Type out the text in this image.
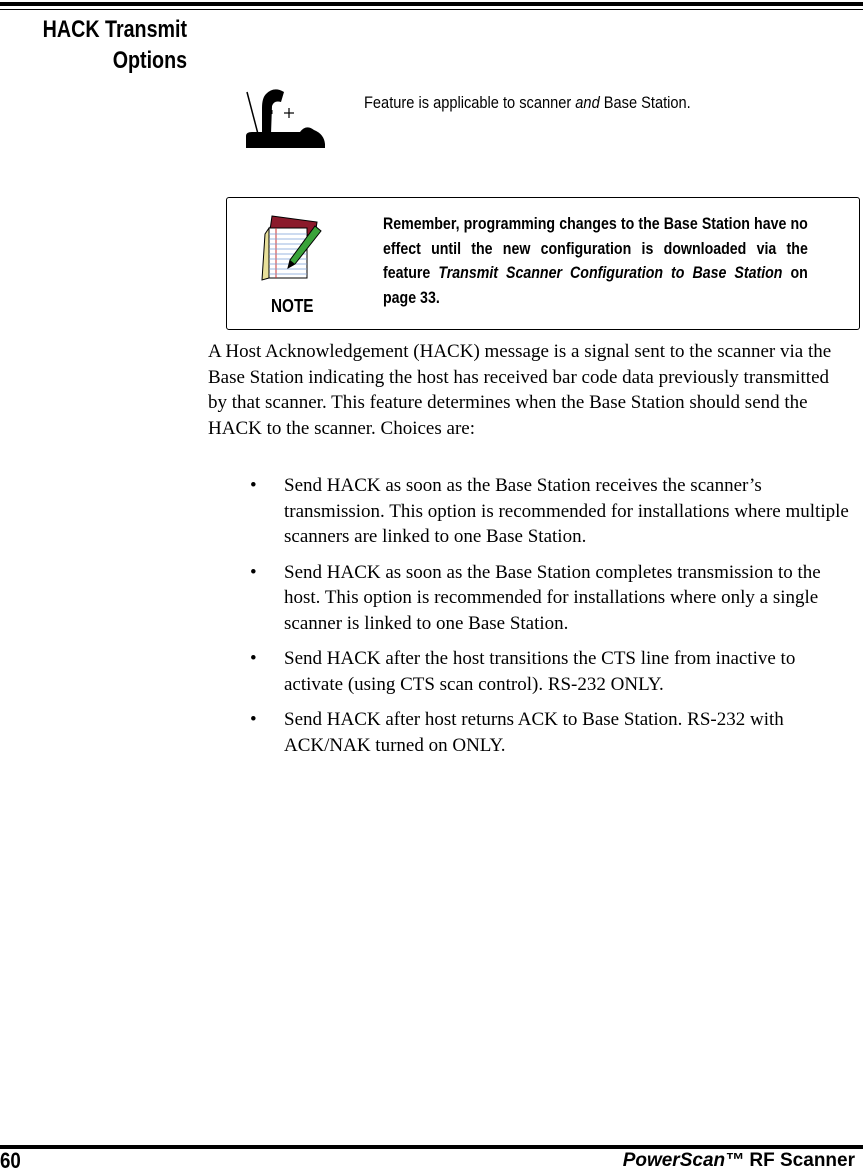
HACK Transmit
Options
Feature is applicable to scanner and Base Station.
NOTE
Remember, programming changes to the Base Station have no effect until the new configuration is downloaded via the feature Transmit Scanner Configuration to Base Station on page 33.
A Host Acknowledgement (HACK) message is a signal sent to the scanner via the Base Station indicating the host has received bar code data previously transmitted by that scanner. This feature determines when the Base Station should send the HACK to the scanner. Choices are:
• Send HACK as soon as the Base Station receives the scanner’s transmission. This option is recommended for installations where multiple scanners are linked to one Base Station.
• Send HACK as soon as the Base Station completes transmission to the host. This option is recommended for installations where only a single scanner is linked to one Base Station.
• Send HACK after the host transitions the CTS line from inactive to activate (using CTS scan control). RS-232 ONLY.
• Send HACK after host returns ACK to Base Station. RS-232 with ACK/NAK turned on ONLY.
60	PowerScan™ RF Scanner
